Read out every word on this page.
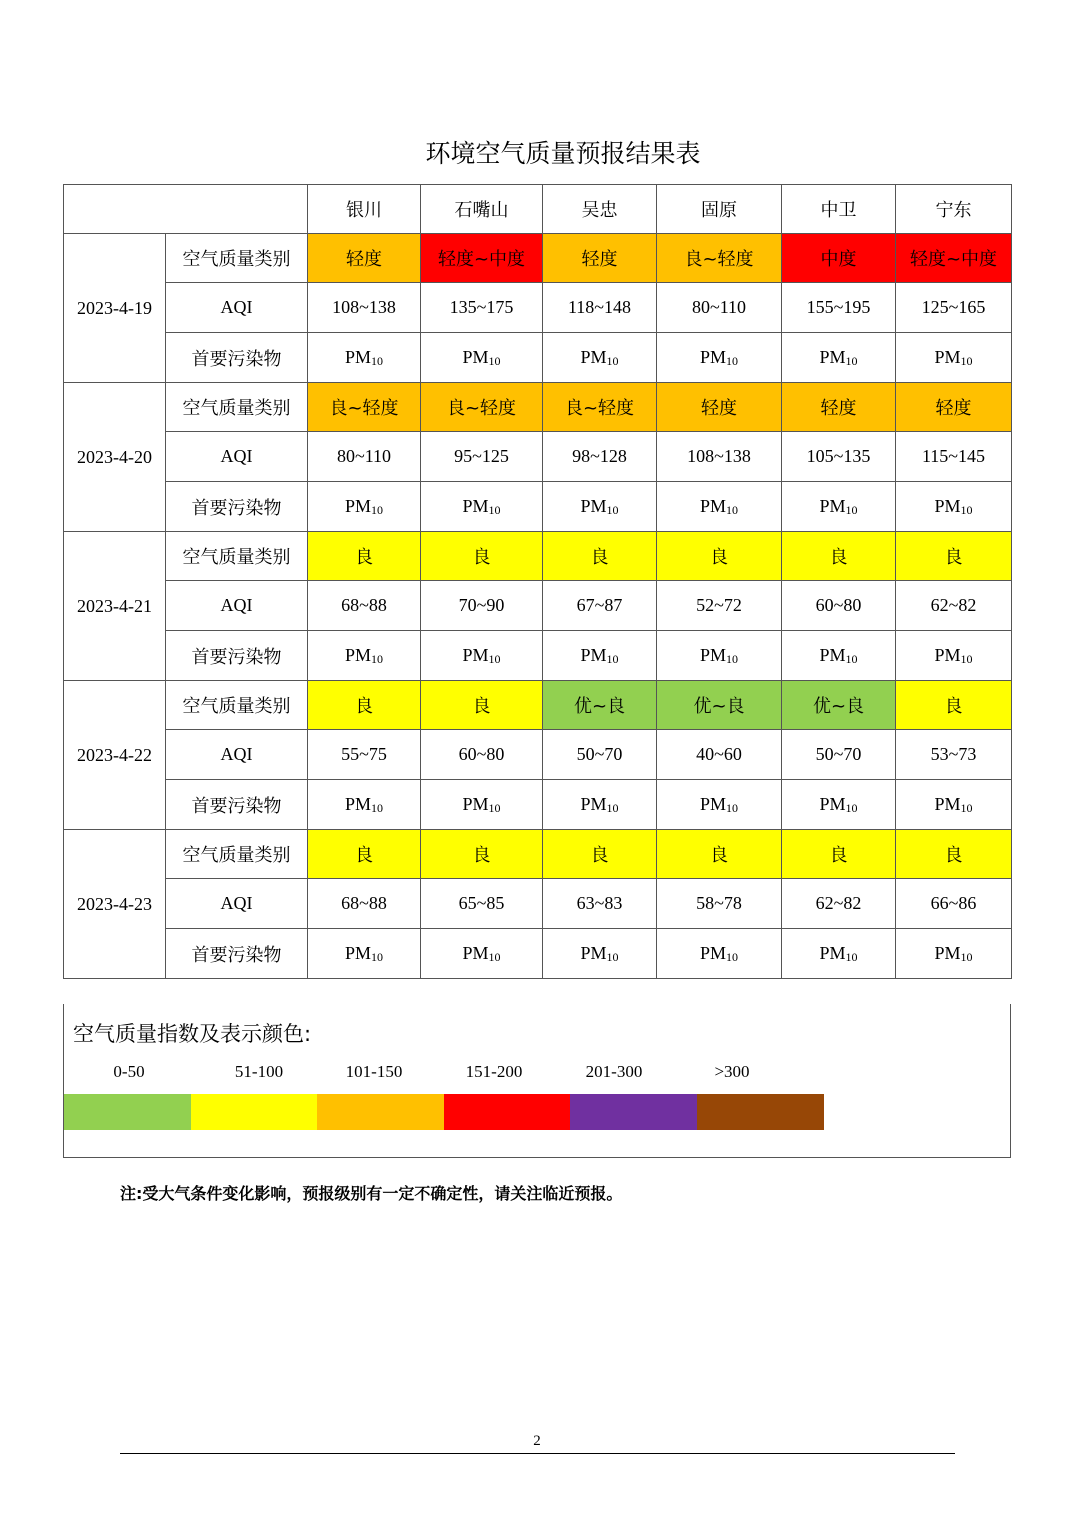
环境空气质量预报结果表
		银川	石嘴山	吴忠	固原	中卫	宁东
2023-4-19	空气质量类别	轻度	轻度~中度	轻度	良~轻度	中度	轻度~中度
	AQI	108~138	135~175	118~148	80~110	155~195	125~165
	首要污染物	$PM_{10}$	$PM_{10}$	$PM_{10}$	$PM_{10}$	$PM_{10}$	$PM_{10}$
2023-4-20	空气质量类别	良~轻度	良~轻度	良~轻度	轻度	轻度	轻度
	AQI	80~110	95~125	98~128	108~138	105~135	115~145
	首要污染物	$PM_{10}$	$PM_{10}$	$PM_{10}$	$PM_{10}$	$PM_{10}$	$PM_{10}$
2023-4-21	空气质量类别	良	良	良	良	良	良
	AQI	68~88	70~90	67~87	52~72	60~80	62~82
	首要污染物	$PM_{10}$	$PM_{10}$	$PM_{10}$	$PM_{10}$	$PM_{10}$	$PM_{10}$
2023-4-22	空气质量类别	良	良	优~良	优~良	优~良	良
	AQI	55~75	60~80	50~70	40~60	50~70	53~73
	首要污染物	$PM_{10}$	$PM_{10}$	$PM_{10}$	$PM_{10}$	$PM_{10}$	$PM_{10}$
2023-4-23	空气质量类别	良	良	良	良	良	良
	AQI	68~88	65~85	63~83	58~78	62~82	66~86
	首要污染物	$PM_{10}$	$PM_{10}$	$PM_{10}$	$PM_{10}$	$PM_{10}$	$PM_{10}$
空气质量指数及表示颜色:
0-50	51-100	101-150	151-200	201-300	>300
注:受大气条件变化影响，预报级别有一定不确定性，请关注临近预报。
2
